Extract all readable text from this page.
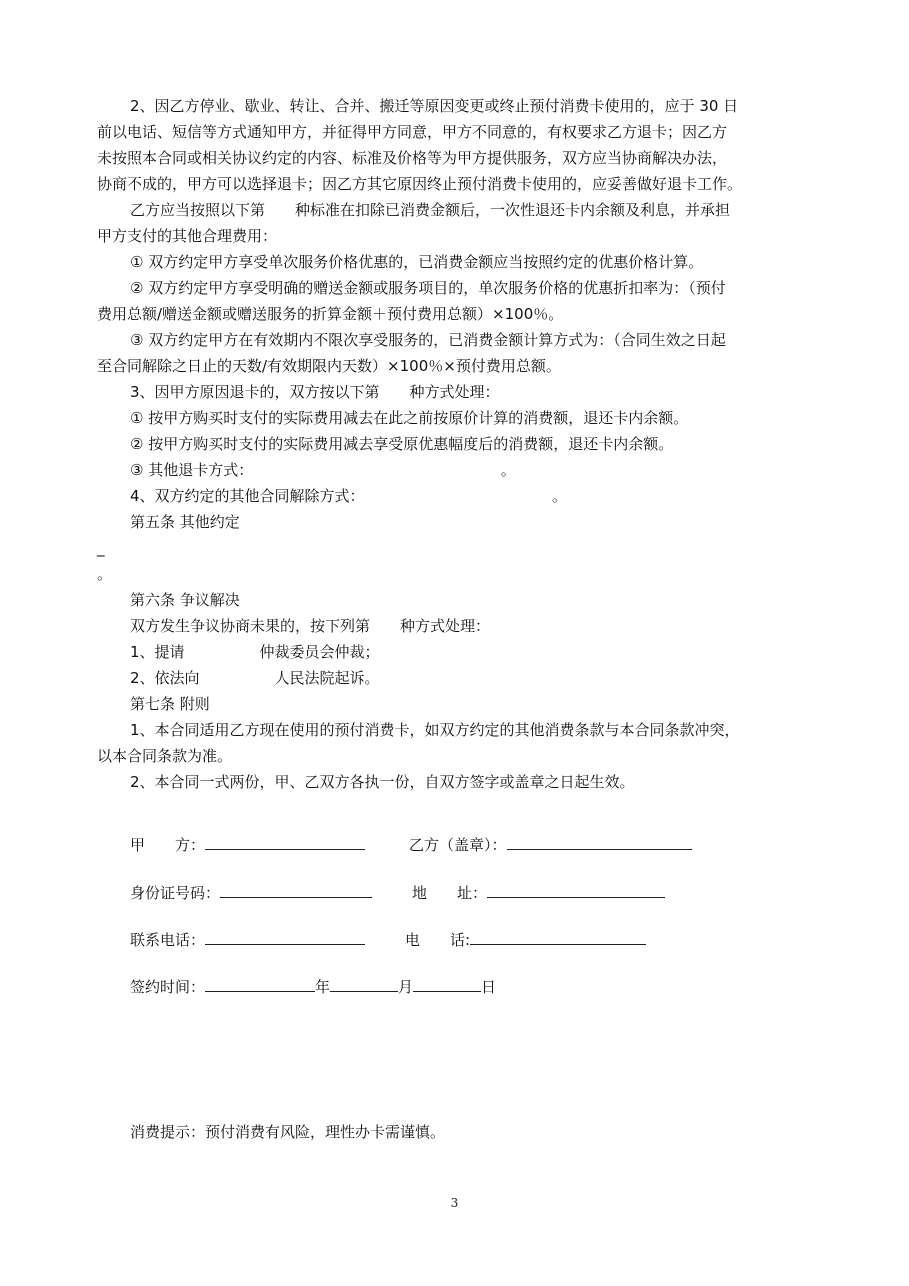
2、因乙方停业、歇业、转让、合并、搬迁等原因变更或终止预付消费卡使用的，应于 30 日
前以电话、短信等方式通知甲方，并征得甲方同意，甲方不同意的，有权要求乙方退卡；因乙方
未按照本合同或相关协议约定的内容、标准及价格等为甲方提供服务，双方应当协商解决办法，
协商不成的，甲方可以选择退卡；因乙方其它原因终止预付消费卡使用的，应妥善做好退卡工作。
乙方应当按照以下第　　种标准在扣除已消费金额后，一次性退还卡内余额及利息，并承担
甲方支付的其他合理费用：
① 双方约定甲方享受单次服务价格优惠的，已消费金额应当按照约定的优惠价格计算。
② 双方约定甲方享受明确的赠送金额或服务项目的，单次服务价格的优惠折扣率为：（预付
费用总额/赠送金额或赠送服务的折算金额＋预付费用总额）×100％。
③ 双方约定甲方在有效期内不限次享受服务的，已消费金额计算方式为：（合同生效之日起
至合同解除之日止的天数/有效期限内天数）×100％×预付费用总额。
3、因甲方原因退卡的，双方按以下第　　种方式处理：
① 按甲方购买时支付的实际费用减去在此之前按原价计算的消费额，退还卡内余额。
② 按甲方购买时支付的实际费用减去享受原优惠幅度后的消费额，退还卡内余额。
③ 其他退卡方式：　　　　　　　　　　　　　　　　　。
4、双方约定的其他合同解除方式：　　　　　　　　　　　　　。
第五条 其他约定
_
。
第六条 争议解决
双方发生争议协商未果的，按下列第　　种方式处理：
1、提请　　　　　仲裁委员会仲裁；
2、依法向　　　　　人民法院起诉。
第七条 附则
1、本合同适用乙方现在使用的预付消费卡，如双方约定的其他消费条款与本合同条款冲突，
以本合同条款为准。
2、本合同一式两份，甲、乙双方各执一份，自双方签字或盖章之日起生效。
甲　　方：	乙方（盖章）：
身份证号码：	地　　址：
联系电话：	电　　话:
签约时间：	年	月	日
消费提示：预付消费有风险，理性办卡需谨慎。
3
